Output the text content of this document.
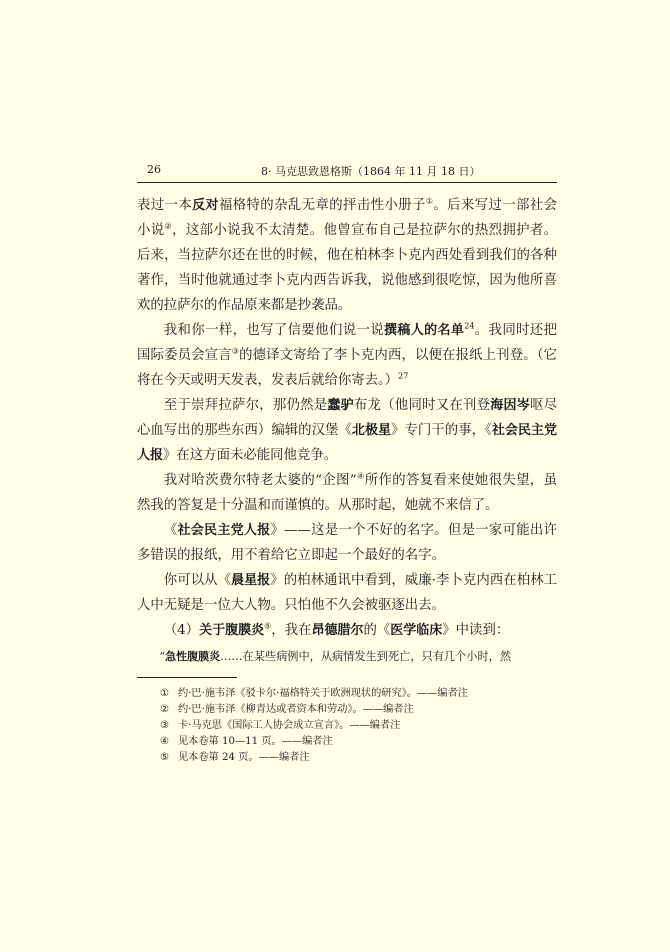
26	8· 马克思致恩格斯（1864 年 11 月 18 日）

表过一本反对福格特的杂乱无章的抨击性小册子①。后来写过一部社会小说②，这部小说我不太清楚。他曾宣布自己是拉萨尔的热烈拥护者。后来，当拉萨尔还在世的时候，他在柏林李卜克内西处看到我们的各种著作，当时他就通过李卜克内西告诉我，说他感到很吃惊，因为他所喜欢的拉萨尔的作品原来都是抄袭品。

我和你一样，也写了信要他们说一说撰稿人的名单$^{24}$。我同时还把国际委员会宣言③的德译文寄给了李卜克内西，以便在报纸上刊登。（它将在今天或明天发表，发表后就给你寄去。）$^{27}$

至于崇拜拉萨尔，那仍然是蠢驴布龙（他同时又在刊登海因岑呕尽心血写出的那些东西）编辑的汉堡《北极星》专门干的事，《社会民主党人报》在这方面未必能同他竞争。

我对哈茨费尔特老太婆的“企图”④所作的答复看来使她很失望，虽然我的答复是十分温和而谨慎的。从那时起，她就不来信了。

《社会民主党人报》——这是一个不好的名字。但是一家可能出许多错误的报纸，用不着给它立即起一个最好的名字。

你可以从《晨星报》的柏林通讯中看到，威廉·李卜克内西在柏林工人中无疑是一位大人物。只怕他不久会被驱逐出去。

（4）关于腹膜炎⑤，我在昂德腊尔的《医学临床》中读到：

“急性腹膜炎……在某些病例中，从病情发生到死亡，只有几个小时，然

① 约·巴·施韦泽《驳卡尔·福格特关于欧洲现状的研究》。——编者注
② 约·巴·施韦泽《柳青达或者资本和劳动》。——编者注
③ 卡·马克思《国际工人协会成立宣言》。——编者注
④ 见本卷第 10—11 页。——编者注
⑤ 见本卷第 24 页。——编者注
